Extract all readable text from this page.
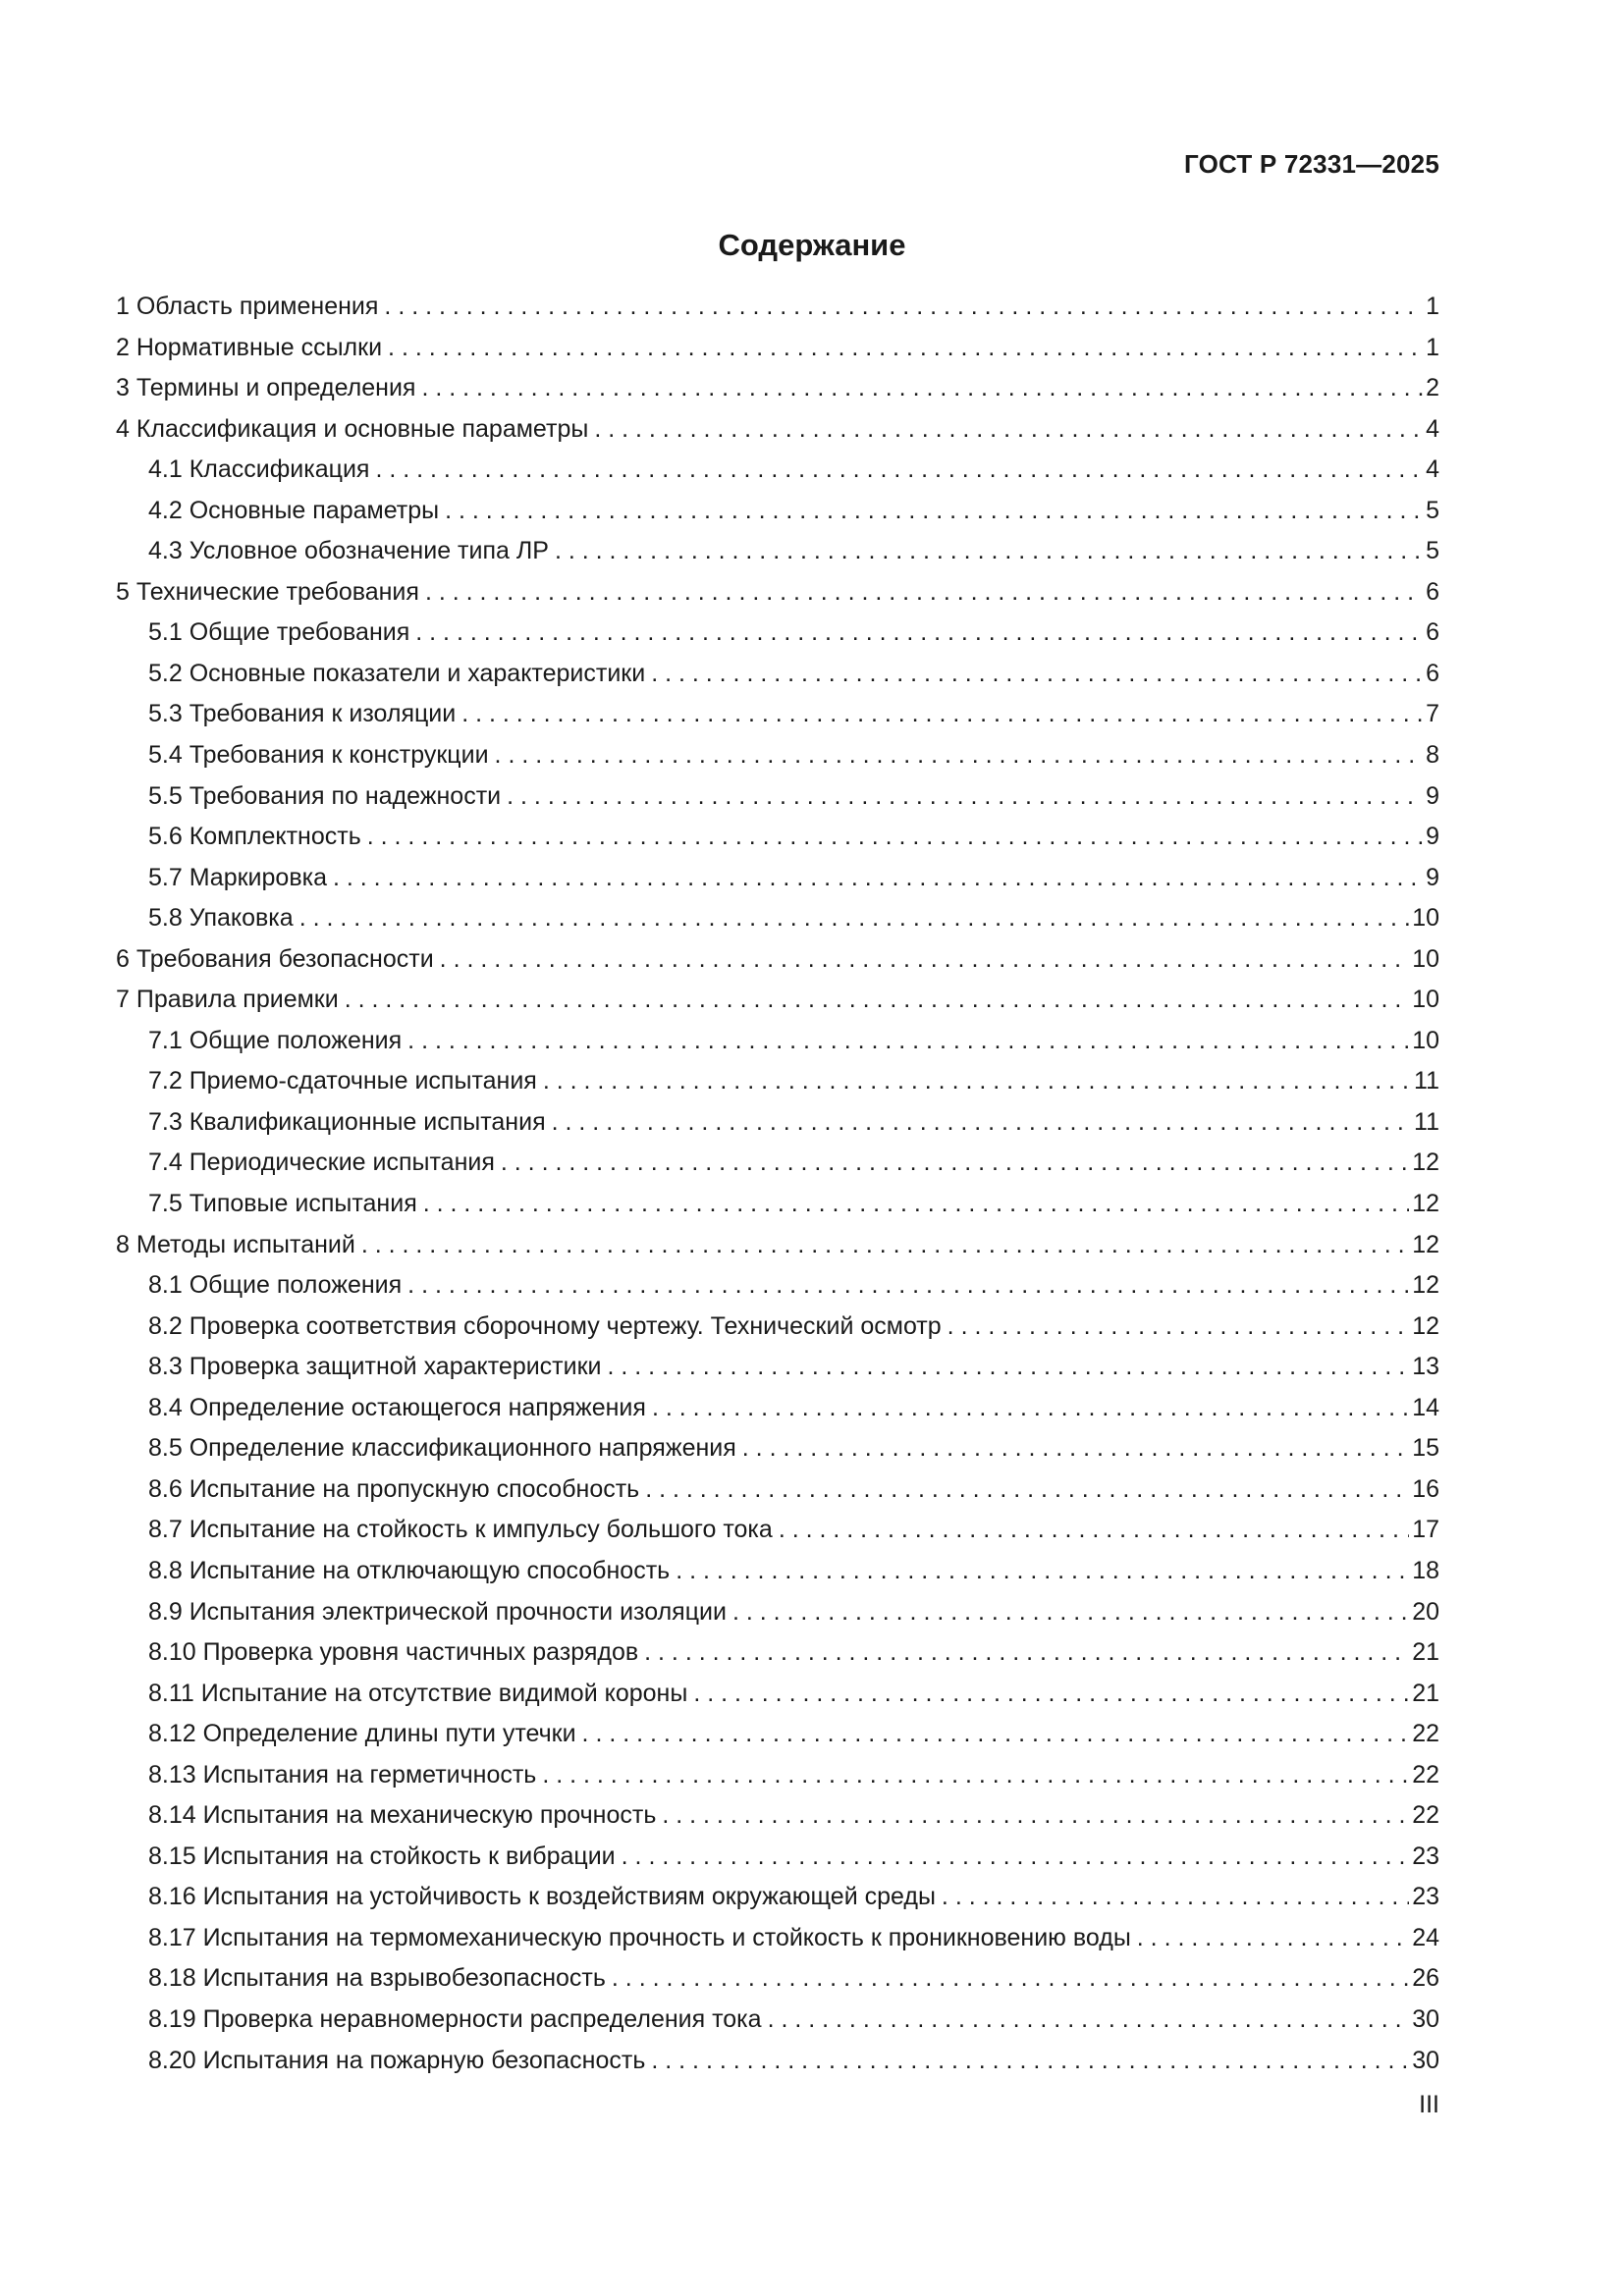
ГОСТ Р 72331—2025
Содержание
1 Область применения . . .	1
2 Нормативные ссылки . . .	1
3 Термины и определения . . .	2
4 Классификация и основные параметры . . .	4
4.1 Классификация . . .	4
4.2 Основные параметры . . .	5
4.3 Условное обозначение типа ЛР . . .	5
5 Технические требования . . .	6
5.1 Общие требования . . .	6
5.2 Основные показатели и характеристики . . .	6
5.3 Требования к изоляции . . .	7
5.4 Требования к конструкции . . .	8
5.5 Требования по надежности . . .	9
5.6 Комплектность . . .	9
5.7 Маркировка . . .	9
5.8 Упаковка . . .	10
6 Требования безопасности . . .	10
7 Правила приемки . . .	10
7.1 Общие положения . . .	10
7.2 Приемо-сдаточные испытания . . .	11
7.3 Квалификационные испытания . . .	11
7.4 Периодические испытания . . .	12
7.5 Типовые испытания . . .	12
8 Методы испытаний . . .	12
8.1 Общие положения . . .	12
8.2 Проверка соответствия сборочному чертежу. Технический осмотр . . .	12
8.3 Проверка защитной характеристики . . .	13
8.4 Определение остающегося напряжения . . .	14
8.5 Определение классификационного напряжения . . .	15
8.6 Испытание на пропускную способность . . .	16
8.7 Испытание на стойкость к импульсу большого тока . . .	17
8.8 Испытание на отключающую способность . . .	18
8.9 Испытания электрической прочности изоляции . . .	20
8.10 Проверка уровня частичных разрядов . . .	21
8.11 Испытание на отсутствие видимой короны . . .	21
8.12 Определение длины пути утечки . . .	22
8.13 Испытания на герметичность . . .	22
8.14 Испытания на механическую прочность . . .	22
8.15 Испытания на стойкость к вибрации . . .	23
8.16 Испытания на устойчивость к воздействиям окружающей среды . . .	23
8.17 Испытания на термомеханическую прочность и стойкость к проникновению воды . . .	24
8.18 Испытания на взрывобезопасность . . .	26
8.19 Проверка неравномерности распределения тока . . .	30
8.20 Испытания на пожарную безопасность . . .	30
III
